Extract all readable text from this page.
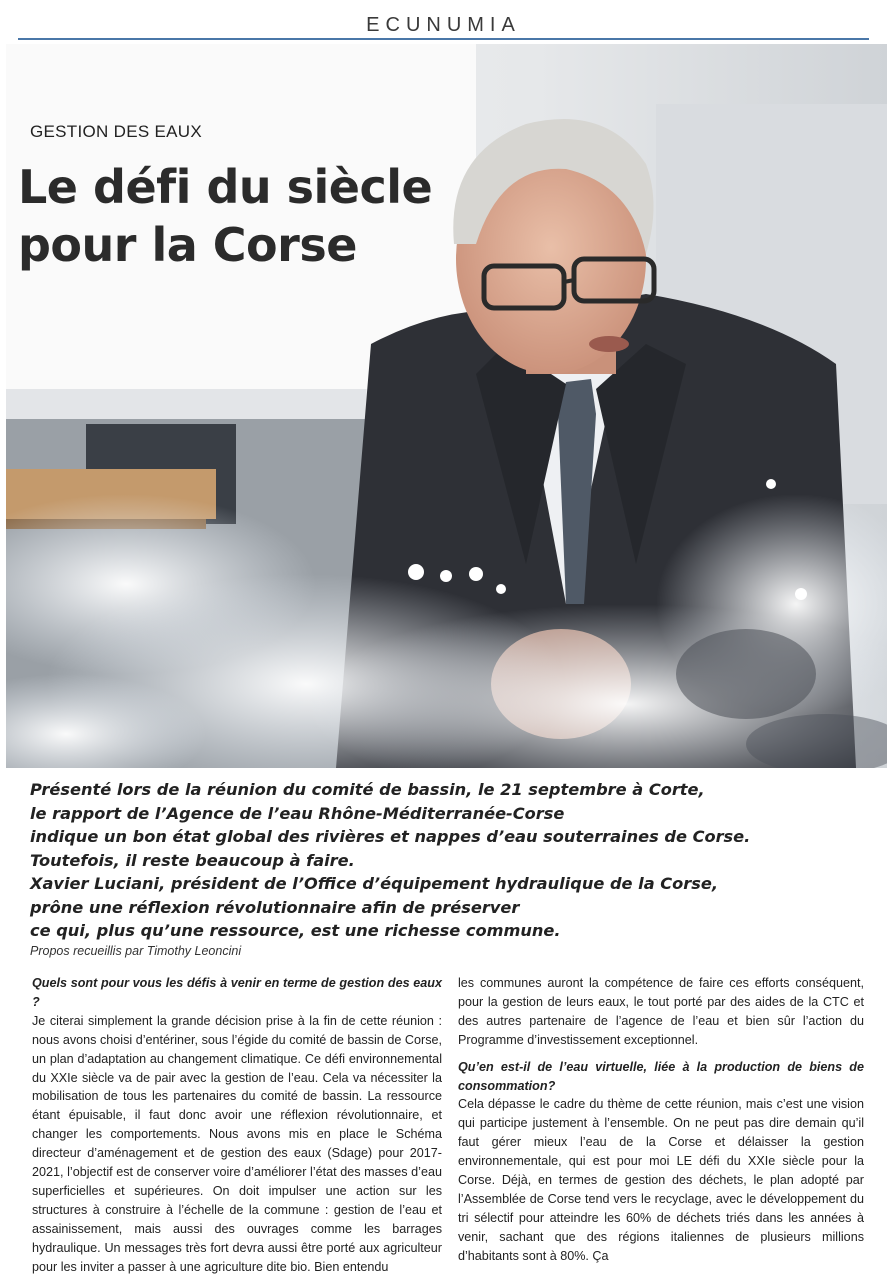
ECUNUMIA
GESTION DES EAUX
Le défi du siècle
pour la Corse
Présenté lors de la réunion du comité de bassin, le 21 septembre à Corte,
le rapport de l’Agence de l’eau Rhône-Méditerranée-Corse
indique un bon état global des rivières et nappes d’eau souterraines de Corse.
Toutefois, il reste beaucoup à faire.
Xavier Luciani, président de l’Office d’équipement hydraulique de la Corse,
prône une réflexion révolutionnaire afin de préserver
ce qui, plus qu’une ressource, est une richesse commune.
Propos recueillis par Timothy Leoncini
Quels sont pour vous les défis à venir en terme de gestion des eaux ?

Je citerai simplement la grande décision prise à la fin de cette réunion : nous avons choisi d’entériner, sous l’égide du comité de bassin de Corse, un plan d’adaptation au changement climatique. Ce défi environnemental du XXIe siècle va de pair avec la gestion de l’eau. Cela va nécessiter la mobilisation de tous les partenaires du comité de bassin. La ressource étant épuisable, il faut donc avoir une réflexion révolutionnaire, et changer les comportements. Nous avons mis en place le Schéma directeur d’aménagement et de gestion des eaux (Sdage) pour 2017-2021, l’objectif est de conserver voire d’améliorer l’état des masses d’eau superficielles et supérieures. On doit impulser une action sur les structures à construire à l’échelle de la commune : gestion de l’eau et assainissement, mais aussi des ouvrages comme les barrages hydraulique. Un messages très fort devra aussi être porté aux agriculteur pour les inviter a passer à une agriculture dite bio. Bien entendu

les communes auront la compétence de faire ces efforts conséquent, pour la gestion de leurs eaux, le tout porté par des aides de la CTC et des autres partenaire de l’agence de l’eau et bien sûr l’action du Programme d’investissement exceptionnel.

Qu’en est-il de l’eau virtuelle, liée à la production de biens de consommation?

Cela dépasse le cadre du thème de cette réunion, mais c’est une vision qui participe justement à l’ensemble. On ne peut pas dire demain qu’il faut gérer mieux l’eau de la Corse et délaisser la gestion environnementale, qui est pour moi LE défi du XXIe siècle pour la Corse. Déjà, en termes de gestion des déchets, le plan adopté par l’Assemblée de Corse tend vers le recyclage, avec le développement du tri sélectif pour atteindre les 60% de déchets triés dans les années à venir, sachant que des régions italiennes de plusieurs millions d’habitants sont à 80%. Ça
